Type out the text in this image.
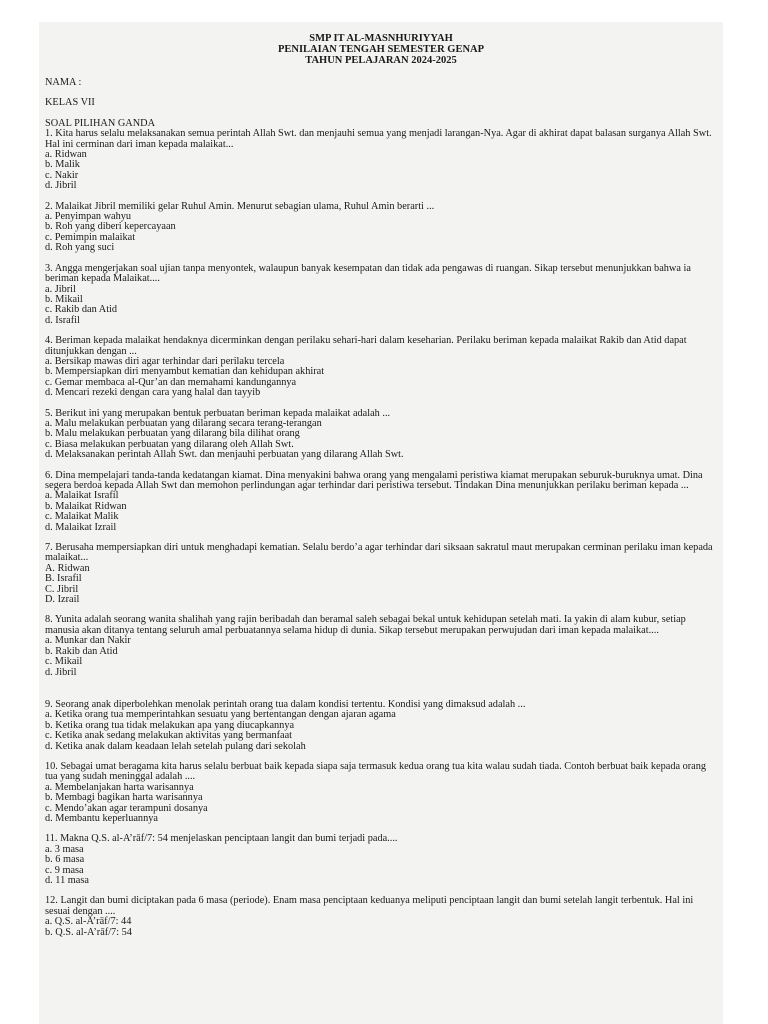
SMP IT AL-MASNHURIYYAH
PENILAIAN TENGAH SEMESTER GENAP
TAHUN PELAJARAN 2024-2025

NAMA :

KELAS VII

SOAL PILIHAN GANDA

1. Kita harus selalu melaksanakan semua perintah Allah Swt. dan menjauhi semua yang menjadi larangan-Nya. Agar di akhirat dapat balasan surganya Allah Swt. Hal ini cerminan dari iman kepada malaikat...

a. Ridwan
b. Malik
c. Nakir
d. Jibril

2. Malaikat Jibril memiliki gelar Ruhul Amin. Menurut sebagian ulama, Ruhul Amin berarti ...

a. Penyimpan wahyu
b. Roh yang diberi kepercayaan
c. Pemimpin malaikat
d. Roh yang suci

3. Angga mengerjakan soal ujian tanpa menyontek, walaupun banyak kesempatan dan tidak ada pengawas di ruangan. Sikap tersebut menunjukkan bahwa ia beriman kepada Malaikat....

a. Jibril
b. Mikail
c. Rakib dan Atid
d. Israfil

4. Beriman kepada malaikat hendaknya dicerminkan dengan perilaku sehari-hari dalam keseharian. Perilaku beriman kepada malaikat Rakib dan Atid dapat ditunjukkan dengan ...

a. Bersikap mawas diri agar terhindar dari perilaku tercela
b. Mempersiapkan diri menyambut kematian dan kehidupan akhirat
c. Gemar membaca al-Qur’an dan memahami kandungannya
d. Mencari rezeki dengan cara yang halal dan tayyib

5. Berikut ini yang merupakan bentuk perbuatan beriman kepada malaikat adalah ...

a. Malu melakukan perbuatan yang dilarang secara terang-terangan
b. Malu melakukan perbuatan yang dilarang bila dilihat orang
c. Biasa melakukan perbuatan yang dilarang oleh Allah Swt.
d. Melaksanakan perintah Allah Swt. dan menjauhi perbuatan yang dilarang Allah Swt.

6. Dina mempelajari tanda-tanda kedatangan kiamat. Dina menyakini bahwa orang yang mengalami peristiwa kiamat merupakan seburuk-buruknya umat. Dina segera berdoa kepada Allah Swt dan memohon perlindungan agar terhindar dari peristiwa tersebut. Tindakan Dina menunjukkan perilaku beriman kepada ...

a. Malaikat Israfil
b. Malaikat Ridwan
c. Malaikat Malik
d. Malaikat Izrail

7. Berusaha mempersiapkan diri untuk menghadapi kematian. Selalu berdo’a agar terhindar dari siksaan sakratul maut merupakan cerminan perilaku iman kepada malaikat...

A. Ridwan
B. Israfil
C. Jibril
D. Izrail

8. Yunita adalah seorang wanita shalihah yang rajin beribadah dan beramal saleh sebagai bekal untuk kehidupan setelah mati. Ia yakin di alam kubur, setiap manusia akan ditanya tentang seluruh amal perbuatannya selama hidup di dunia. Sikap tersebut merupakan perwujudan dari iman kepada malaikat....

a. Munkar dan Nakir
b. Rakib dan Atid
c. Mikail
d. Jibril

9. Seorang anak diperbolehkan menolak perintah orang tua dalam kondisi tertentu. Kondisi yang dimaksud adalah ...

a. Ketika orang tua memperintahkan sesuatu yang bertentangan dengan ajaran agama
b. Ketika orang tua tidak melakukan apa yang diucapkannya
c. Ketika anak sedang melakukan aktivitas yang bermanfaat
d. Ketika anak dalam keadaan lelah setelah pulang dari sekolah

10. Sebagai umat beragama kita harus selalu berbuat baik kepada siapa saja termasuk kedua orang tua kita walau sudah tiada. Contoh berbuat baik kepada orang tua yang sudah meninggal adalah ....

a. Membelanjakan harta warisannya
b. Membagi bagikan harta warisannya
c. Mendo’akan agar terampuni dosanya
d. Membantu keperluannya

11. Makna Q.S. al-A’rāf/7: 54 menjelaskan penciptaan langit dan bumi terjadi pada....

a. 3 masa
b. 6 masa
c. 9 masa
d. 11 masa

12. Langit dan bumi diciptakan pada 6 masa (periode). Enam masa penciptaan keduanya meliputi penciptaan langit dan bumi setelah langit terbentuk. Hal ini sesuai dengan ....

a. Q.S. al-A’rāf/7: 44
b. Q.S. al-A’rāf/7: 54
